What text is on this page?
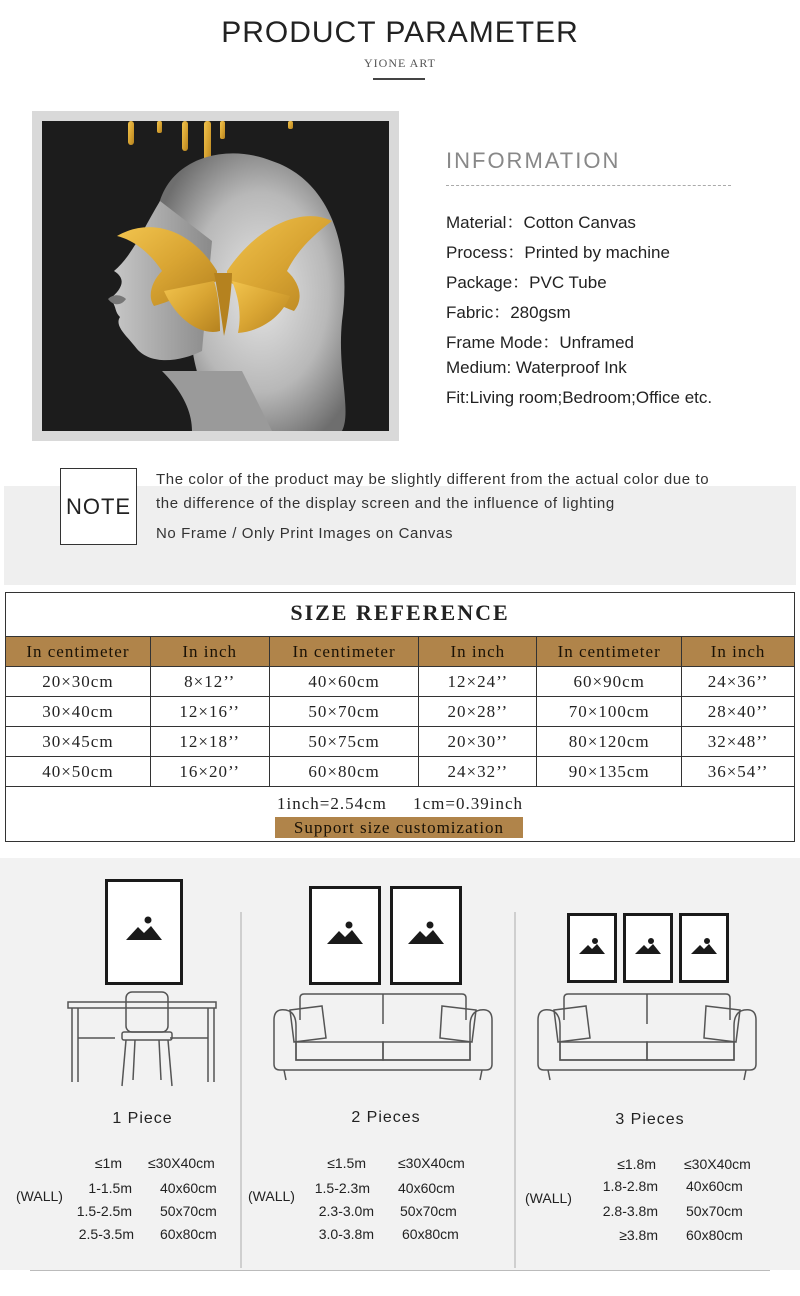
PRODUCT PARAMETER
YIONE ART
INFORMATION
Material：Cotton Canvas
Process：Printed by machine
Package：PVC Tube
Fabric：280gsm
Frame Mode：Unframed
Medium: Waterproof Ink
Fit:Living room;Bedroom;Office etc.
NOTE
The color of the product may be slightly different from the actual color due to
the difference of the display screen and the influence of lighting
No Frame / Only Print Images on Canvas
SIZE REFERENCE
In centimeter	In inch	In centimeter	In inch	In centimeter	In inch
20×30cm	8×12’’	40×60cm	12×24’’	60×90cm	24×36’’
30×40cm	12×16’’	50×70cm	20×28’’	70×100cm	28×40’’
30×45cm	12×18’’	50×75cm	20×30’’	80×120cm	32×48’’
40×50cm	16×20’’	60×80cm	24×32’’	90×135cm	36×54’’
1inch=2.54cm     1cm=0.39inch
Support size customization
1 Piece
(WALL)
≤1m ≤30X40cm
1-1.5m 40x60cm
1.5-2.5m 50x70cm
2.5-3.5m 60x80cm
2 Pieces
(WALL)
≤1.5m ≤30X40cm
1.5-2.3m 40x60cm
2.3-3.0m 50x70cm
3.0-3.8m 60x80cm
3 Pieces
(WALL)
≤1.8m ≤30X40cm
1.8-2.8m 40x60cm
2.8-3.8m 50x70cm
≥3.8m 60x80cm
